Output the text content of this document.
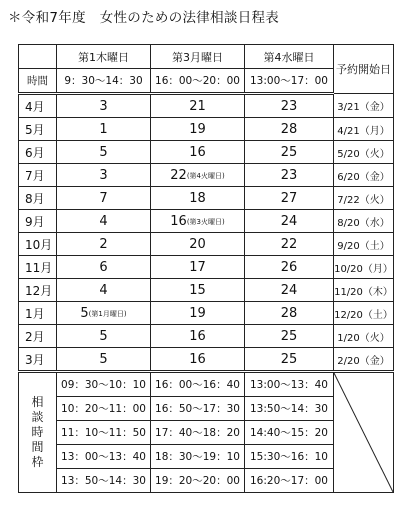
＊令和7年度　女性のための法律相談日程表
	第1木曜日	第3月曜日	第4水曜日	予約開始日
時間	9：30～14：30	16：00～20：00	13:00～17：00	
4月	3	21	23	3/21（金）
5月	1	19	28	4/21（月）
6月	5	16	25	5/20（火）
7月	3	22(第4火曜日)	23	6/20（金）
8月	7	18	27	7/22（火）
9月	4	16(第3火曜日)	24	8/20（水）
10月	2	20	22	9/20（土）
11月	6	17	26	10/20（月）
12月	4	15	24	11/20（木）
1月	5(第1月曜日)	19	28	12/20（土）
2月	5	16	25	1/20（火）
3月	5	16	25	2/20（金）

相
談
時
間
枠	09：30～10：10	16：00～16：40	13:00～13：40	

	10：20～11：00	16：50～17：30	13:50～14：30	
	11：10～11：50	17：40～18：20	14:40～15：20	
	13：00～13：40	18：30～19：10	15:30～16：10	
	13：50～14：30	19：20～20：00	16:20～17：00	
